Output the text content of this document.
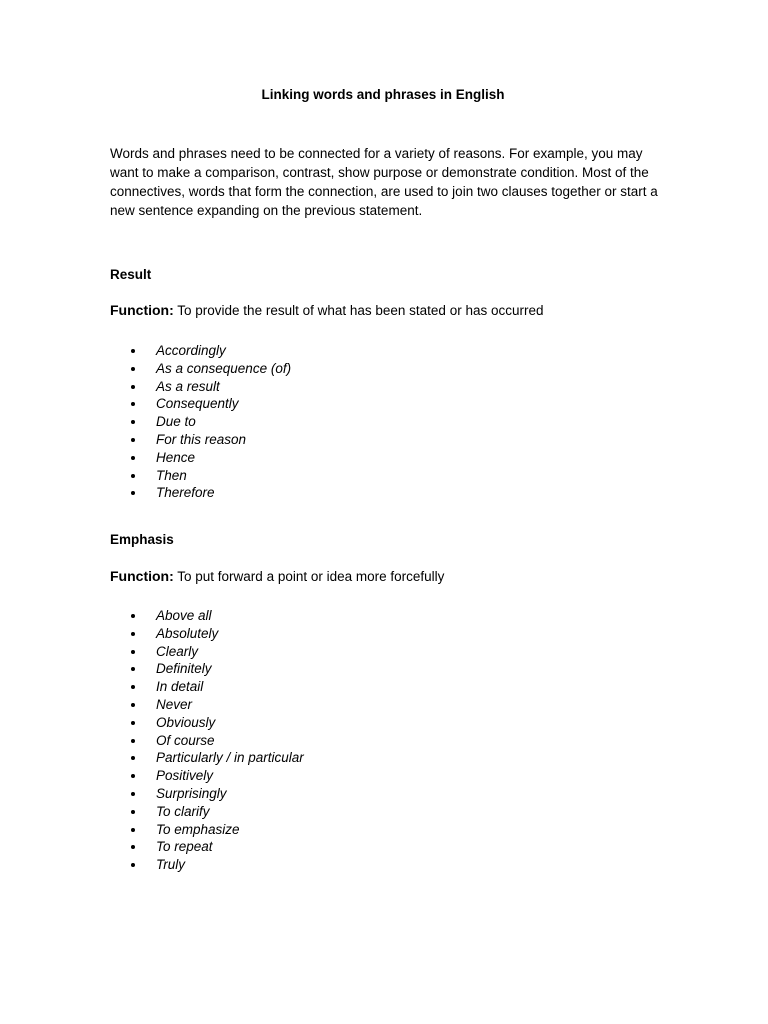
Linking words and phrases in English

Words and phrases need to be connected for a variety of reasons. For example, you may want to make a comparison, contrast, show purpose or demonstrate condition. Most of the connectives, words that form the connection, are used to join two clauses together or start a new sentence expanding on the previous statement.

Result

Function: To provide the result of what has been stated or has occurred

Accordingly
As a consequence (of)
As a result
Consequently
Due to
For this reason
Hence
Then
Therefore
Emphasis

Function: To put forward a point or idea more forcefully

Above all
Absolutely
Clearly
Definitely
In detail
Never
Obviously
Of course
Particularly / in particular
Positively
Surprisingly
To clarify
To emphasize
To repeat
Truly
